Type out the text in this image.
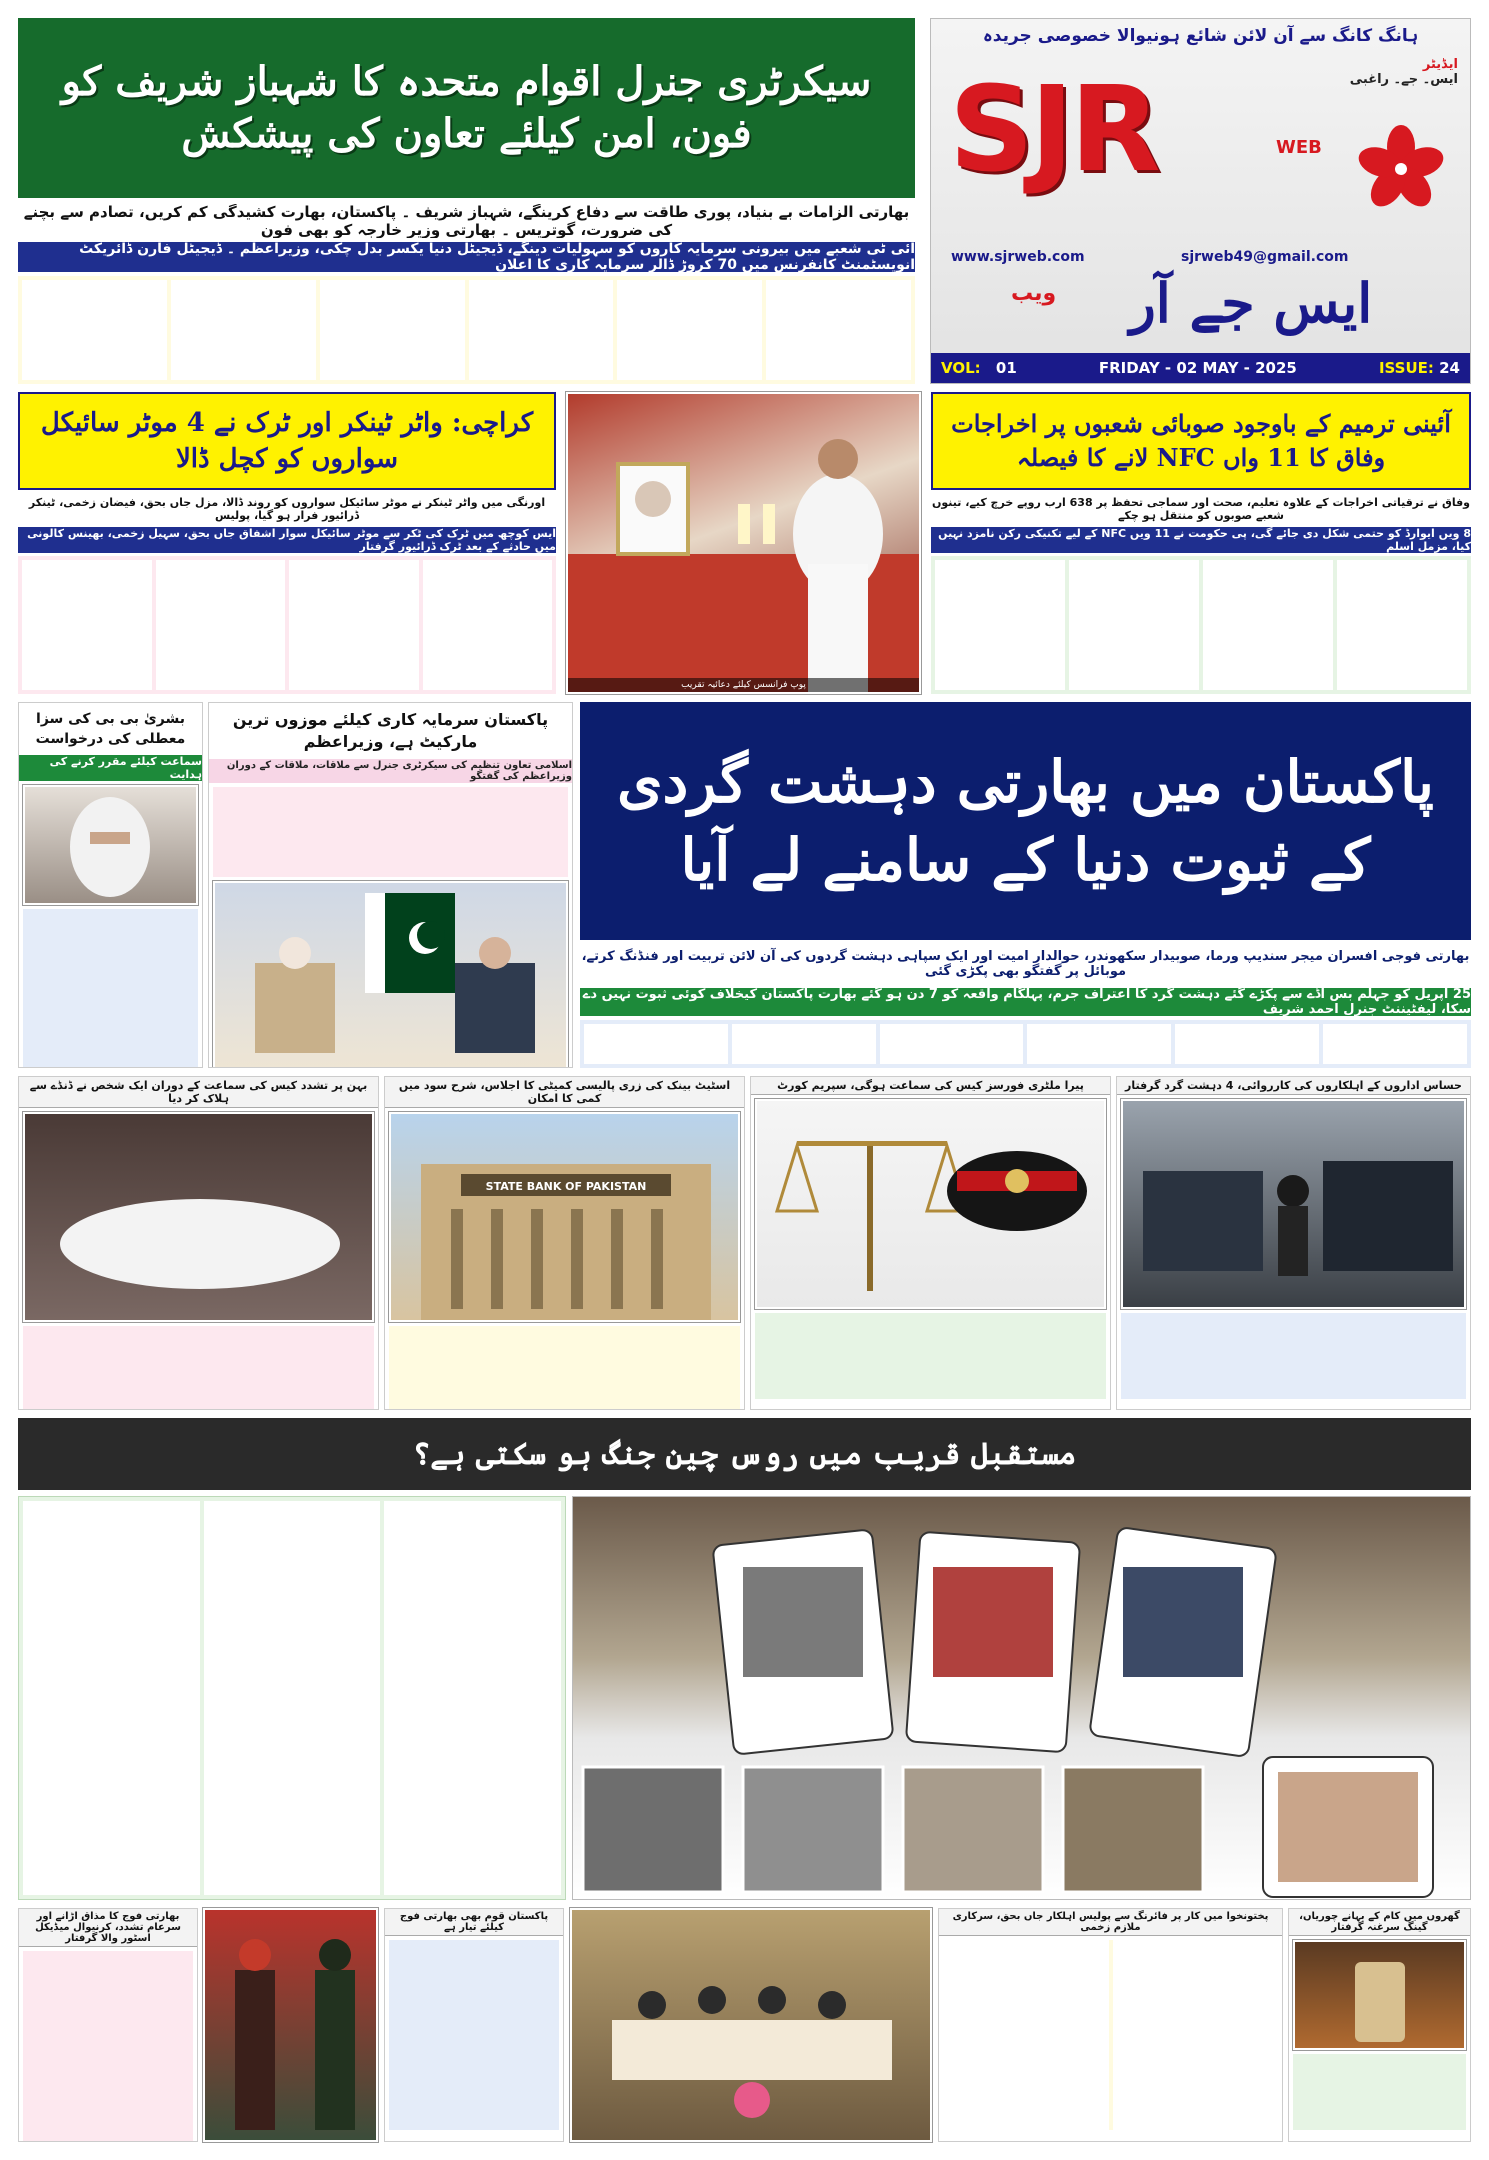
سیکرٹری جنرل اقوام متحدہ کا شہباز شریف کو فون، امن کیلئے تعاون کی پیشکش
بھارتی الزامات بے بنیاد، پوری طاقت سے دفاع کرینگے، شہباز شریف ۔ پاکستان، بھارت کشیدگی کم کریں، تصادم سے بچنے کی ضرورت، گوتریس ۔ بھارتی وزیر خارجہ کو بھی فون
آئی ٹی شعبے میں بیرونی سرمایہ کاروں کو سہولیات دینگے، ڈیجیٹل دنیا یکسر بدل چکی، وزیراعظم ۔ ڈیجیٹل فارن ڈائریکٹ انویسٹمنٹ کانفرنس میں 70 کروڑ ڈالر سرمایہ کاری کا اعلان
ہانگ کانگ سے آن لائن شائع ہونیوالا خصوصی جریدہ
ایڈیٹر
ایس۔ جے۔ راغبی
SJR	WEB
www.sjrweb.com	sjrweb49@gmail.com
ایس جے آر
ویب
VOL: 01	FRIDAY - 02 MAY - 2025	ISSUE: 24
کراچی: واٹر ٹینکر اور ٹرک نے 4 موٹر سائیکل سواروں کو کچل ڈالا
اورنگی میں واٹر ٹینکر نے موٹر سائیکل سواروں کو روند ڈالا، مزل جاں بحق، فیضان زخمی، ٹینکر ڈرائیور فرار ہو گیا، پولیس
ایس کوچھ میں ٹرک کی ٹکر سے موٹر سائیکل سوار اشفاق جاں بحق، سہیل زخمی، بھینس کالونی میں حادثے کے بعد ٹرک ڈرائیور گرفتار
پوپ فرانسس کیلئے دعائیہ تقریب
آئینی ترمیم کے باوجود صوبائی شعبوں پر اخراجات وفاق کا 11 واں NFC لانے کا فیصلہ
وفاق نے ترقیاتی اخراجات کے علاوہ تعلیم، صحت اور سماجی تحفظ پر 638 ارب روپے خرچ کیے، تینوں شعبے صوبوں کو منتقل ہو چکے
8 ویں ایوارڈ کو حتمی شکل دی جائے گی، پی حکومت نے 11 ویں NFC کے لیے تکنیکی رکن نامزد نہیں کیا، مزمل اسلم
بشریٰ بی بی کی سزا معطلی کی درخواست
سماعت کیلئے مقرر کرنے کی ہدایت
پاکستان سرمایہ کاری کیلئے موزوں ترین مارکیٹ ہے، وزیراعظم
اسلامی تعاون تنظیم کی سیکرٹری جنرل سے ملاقات، ملاقات کے دوران وزیراعظم کی گفتگو پاکستان میں بھارتی دہشت گردی کے ثبوت دنیا کے سامنے لے آیا
بھارتی فوجی افسران میجر سندیپ ورما، صوبیدار سکھوندر، حوالدار امیت اور ایک سپاہی دہشت گردوں کی آن لائن تربیت اور فنڈنگ کرتے، موبائل پر گفتگو بھی پکڑی گئی
25 اپریل کو جہلم بس اڈے سے پکڑے گئے دہشت گرد کا اعتراف جرم، پہلگام واقعہ کو 7 دن ہو گئے بھارت پاکستان کیخلاف کوئی ثبوت نہیں دے سکا، لیفٹیننٹ جنرل احمد شریف
بہن پر تشدد کیس کی سماعت کے دوران ایک شخص نے ڈنڈے سے ہلاک کر دیا
اسٹیٹ بینک کی زری پالیسی کمیٹی کا اجلاس، شرح سود میں کمی کا امکان
STATE BANK OF PAKISTAN
پیرا ملٹری فورسز کیس کی سماعت ہوگی، سپریم کورٹ	حساس اداروں کے اہلکاروں کی کارروائی، 4 دہشت گرد گرفتار
مستقبل قریب میں روس چین جنگ ہو سکتی ہے؟
بھارتی فوج کا مذاق اڑانے اور سرعام تشدد، کرنیوال میڈیکل اسٹور والا گرفتار
پاکستان قوم بھی بھارتی فوج کیلئے تیار ہے
پختونخوا میں کار پر فائرنگ سے پولیس اہلکار جاں بحق، سرکاری ملازم زخمی
گھروں میں کام کے بہانے چوریاں، گینگ سرغنہ گرفتار
